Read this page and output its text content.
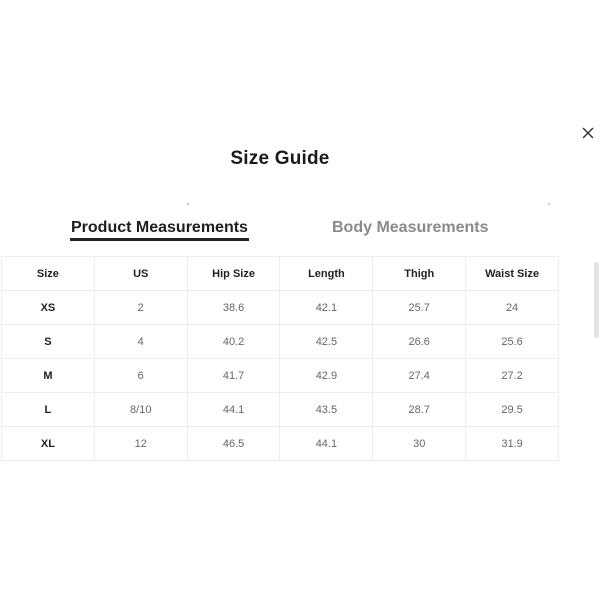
Size Guide
Product Measurements	Body Measurements
Size	US	Hip Size	Length	Thigh	Waist Size
XS	2	38.6	42.1	25.7	24
S	4	40.2	42.5	26.6	25.6
M	6	41.7	42.9	27.4	27.2
L	8/10	44.1	43.5	28.7	29.5
XL	12	46.5	44.1	30	31.9
